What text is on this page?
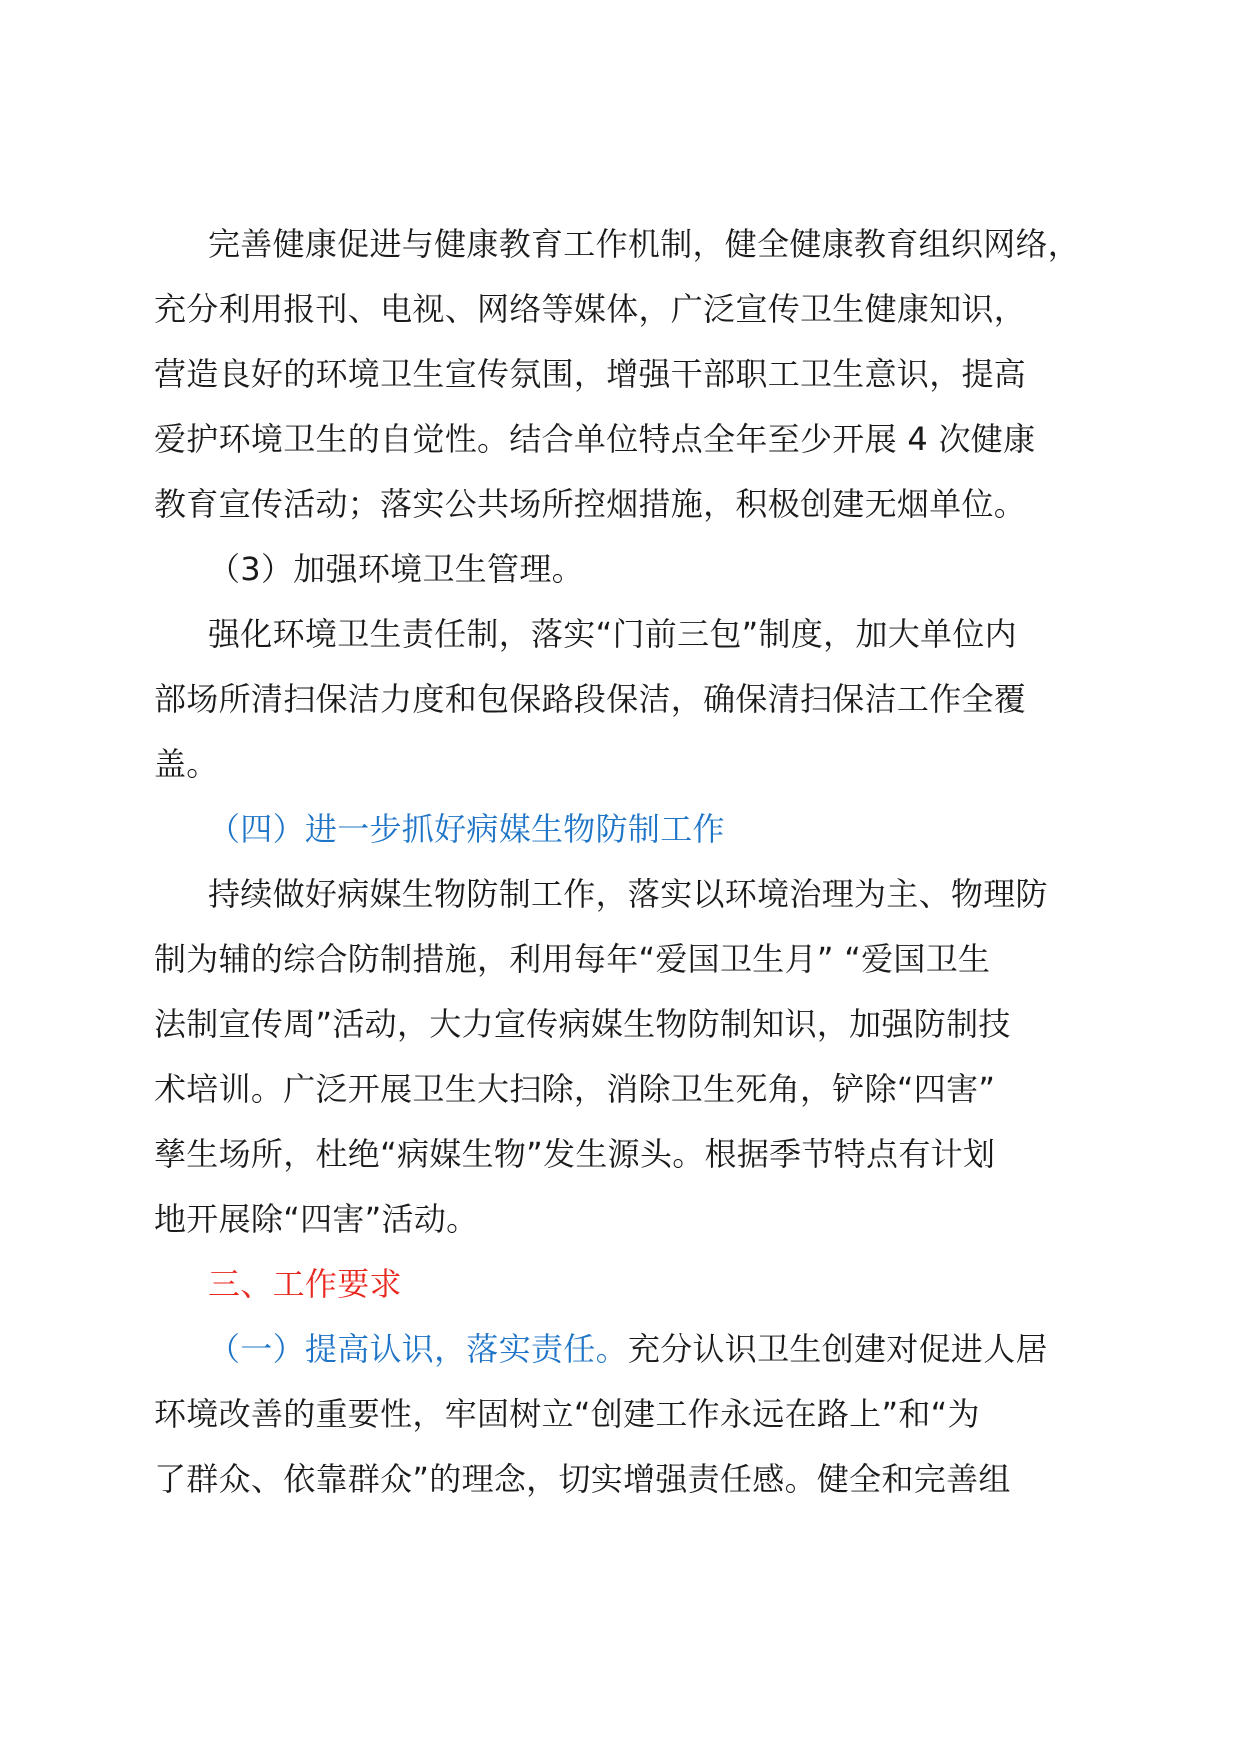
完善健康促进与健康教育工作机制，健全健康教育组织网络，
充分利用报刊、电视、网络等媒体，广泛宣传卫生健康知识，
营造良好的环境卫生宣传氛围，增强干部职工卫生意识，提高
爱护环境卫生的自觉性。结合单位特点全年至少开展 4 次健康
教育宣传活动；落实公共场所控烟措施，积极创建无烟单位。
（3）加强环境卫生管理。
强化环境卫生责任制，落实“门前三包”制度，加大单位内
部场所清扫保洁力度和包保路段保洁，确保清扫保洁工作全覆
盖。
（四）进一步抓好病媒生物防制工作
持续做好病媒生物防制工作，落实以环境治理为主、物理防
制为辅的综合防制措施，利用每年“爱国卫生月” “爱国卫生
法制宣传周”活动，大力宣传病媒生物防制知识，加强防制技
术培训。广泛开展卫生大扫除，消除卫生死角，铲除“四害”
孳生场所，杜绝“病媒生物”发生源头。根据季节特点有计划
地开展除“四害”活动。
三、工作要求
（一）提高认识，落实责任。充分认识卫生创建对促进人居
环境改善的重要性，牢固树立“创建工作永远在路上”和“为
了群众、依靠群众”的理念，切实增强责任感。健全和完善组
